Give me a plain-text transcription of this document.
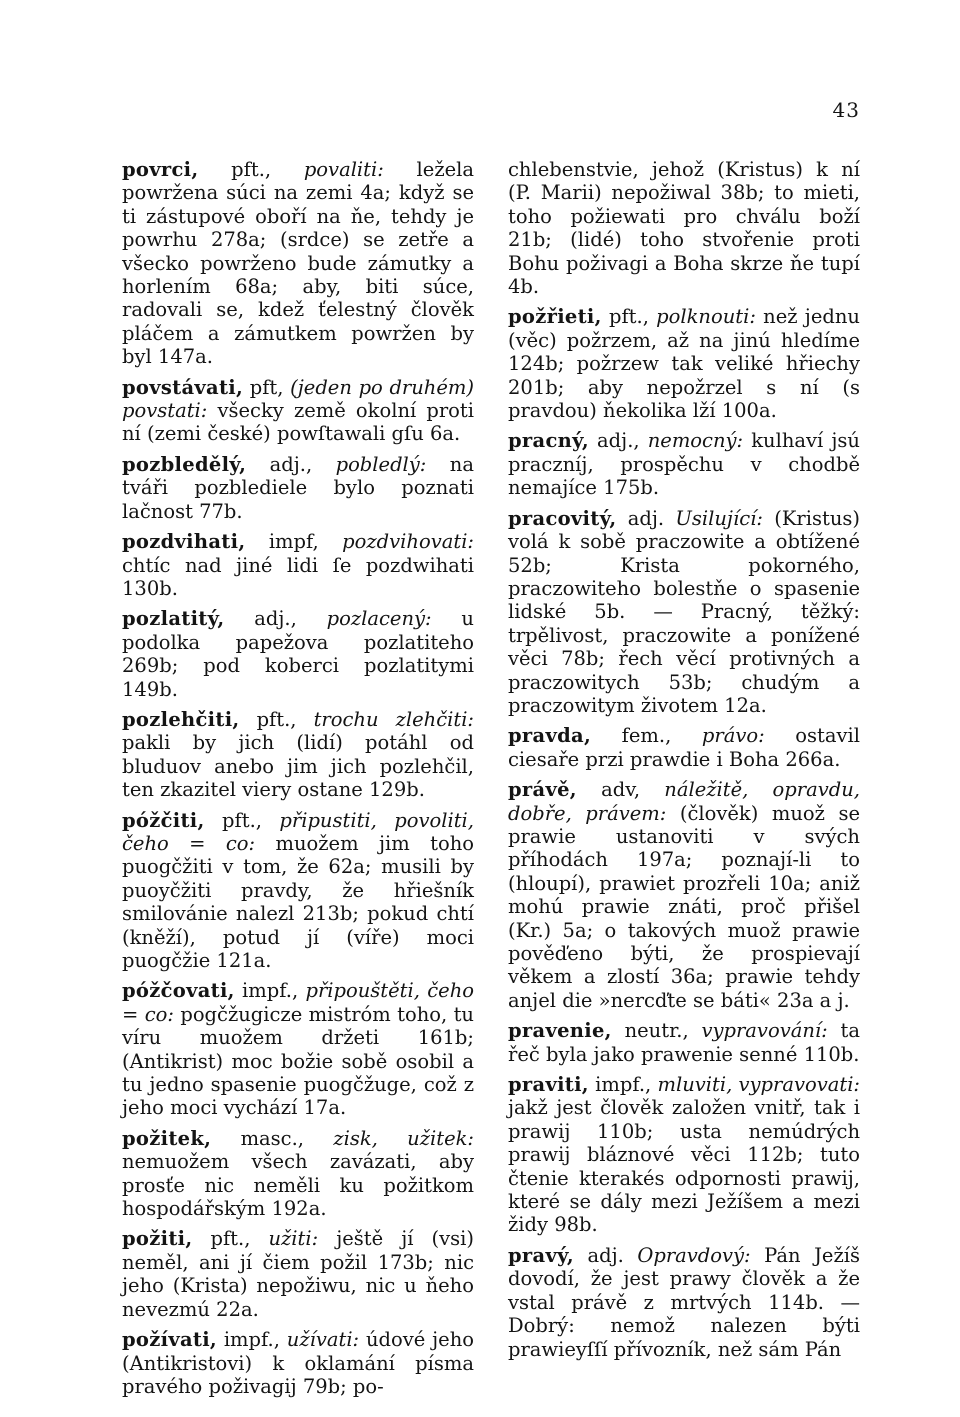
43

povrci, pft., povaliti: ležela powržena súci na zemi 4a; když se ti zástupové oboří na ňe, tehdy je powrhu 278a; (srdce) se zetře a všecko powrženo bude zámutky a horlením 68a; aby, biti súce, radovali se, kdež ťelestný člověk pláčem a zámutkem powržen by byl 147a.

povstávati, pft, (jeden po druhém) povstati: všecky země okolní proti ní (zemi české) powſtawali gſu 6a.

pozbledělý, adj., pobledlý: na tváři pozblediele bylo poznati lačnost 77b.

pozdvihati, impf, pozdvihovati: chtíc nad jiné lidi ſe pozdwihati 130b.

pozlatitý, adj., pozlacený: u podolka papežova pozlatiteho 269b; pod koberci pozlatitymi 149b.

pozlehčiti, pft., trochu zlehčiti: pakli by jich (lidí) potáhl od bluduov anebo jim jich pozlehčil, ten zkazitel viery ostane 129b.

póžčiti, pft., připustiti, povoliti, čeho = co: muožem jim toho puogčžiti v tom, že 62a; musili by puoyčžiti pravdy, že hřiešník smilovánie nalezl 213b; pokud chtí (kněží), potud jí (víře) moci puogčžie 121a.

póžčovati, impf., připouštěti, čeho = co: pogčžugicze mistróm toho, tu víru muožem držeti 161b; (Antikrist) moc božie sobě osobil a tu jedno spasenie puogčžuge, což z jeho moci vychází 17a.

požitek, masc., zisk, užitek: nemuožem všech zavázati, aby prosťe nic neměli ku požitkom hospodářským 192a.

požiti, pft., užiti: ještě jí (vsi) neměl, ani jí čiem požil 173b; nic jeho (Krista) nepožiwu, nic u ňeho nevezmú 22a.

požívati, impf., užívati: údové jeho (Antikristovi) k oklamání písma pravého poživagij 79b; po-

chlebenstvie, jehož (Kristus) k ní (P. Marii) nepožiwal 38b; to mieti, toho požiewati pro chválu boží 21b; (lidé) toho stvořenie proti Bohu poživagi a Boha skrze ňe tupí 4b.

požřieti, pft., polknouti: než jednu (věc) požrzem, až na jinú hledíme 124b; požrzew tak veliké hřiechy 201b; aby nepožrzel s ní (s pravdou) ňekolika lží 100a.

pracný, adj., nemocný: kulhaví jsú praczníj, prospěchu v chodbě nemajíce 175b.

pracovitý, adj. Usilující: (Kristus) volá k sobě praczowite a obtížené 52b; Krista pokorného, praczowiteho bolestňe o spasenie lidské 5b. — Pracný, těžký: trpělivost, praczowite a ponížené věci 78b; řech věcí protivných a praczowitych 53b; chudým a praczowitym životem 12a.

pravda, fem., právo: ostavil ciesaře przi prawdie i Boha 266a.

právě, adv, náležitě, opravdu, dobře, právem: (člověk) muož se prawie ustanoviti v svých příhodách 197a; poznají-li to (hloupí), prawiet prozřeli 10a; aniž mohú prawie znáti, proč přišel (Kr.) 5a; o takových muož prawie pověďeno býti, že prospievají věkem a zlostí 36a; prawie tehdy anjel die »nercďte se báti« 23a a j.

pravenie, neutr., vypravování: ta řeč byla jako prawenie senné 110b.

praviti, impf., mluviti, vypravovati: jakž jest člověk založen vnitř, tak i prawij 110b; usta nemúdrých prawij bláznové věci 112b; tuto čtenie kterakés odpornosti prawij, které se dály mezi Ježíšem a mezi židy 98b.

pravý, adj. Opravdový: Pán Ježíš dovodí, že jest prawy člověk a že vstal právě z mrtvých 114b. — Dobrý: nemož nalezen býti prawieyſſí přívozník, než sám Pán
